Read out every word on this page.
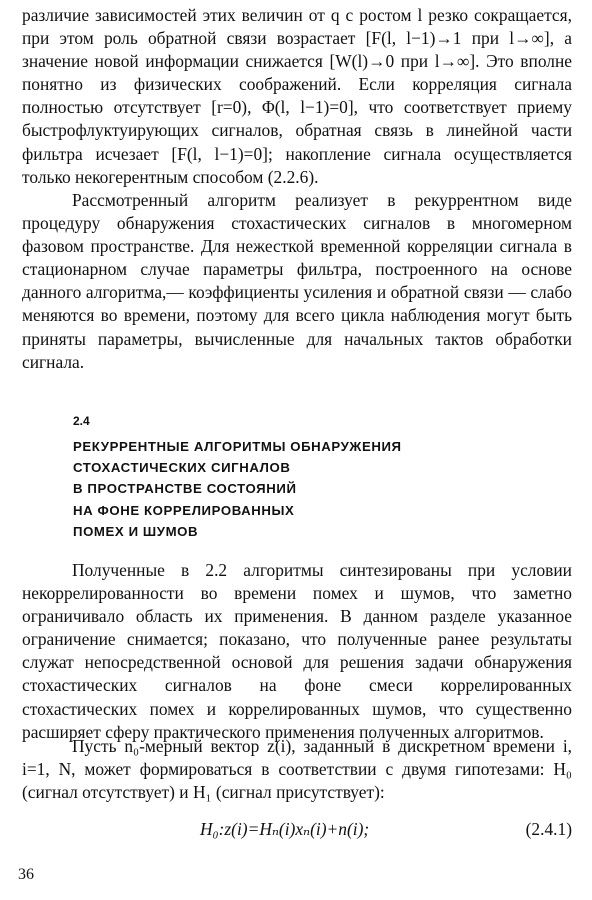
различие зависимостей этих величин от q с ростом l резко сокращается, при этом роль обратной связи возрастает [F(l, l−1)→1 при l→∞], а значение новой информации снижается [W(l)→0 при l→∞]. Это вполне понятно из физических соображений. Если корреляция сигнала полностью отсутствует [r=0), Φ(l, l−1)=0], что соответствует приему быстрофлуктуирующих сигналов, обратная связь в линейной части фильтра исчезает [F(l, l−1)=0]; накопление сигнала осуществляется только некогерентным способом (2.2.6).

Рассмотренный алгоритм реализует в рекуррентном виде процедуру обнаружения стохастических сигналов в многомерном фазовом пространстве. Для нежесткой временной корреляции сигнала в стационарном случае параметры фильтра, построенного на основе данного алгоритма,— коэффициенты усиления и обратной связи — слабо меняются во времени, поэтому для всего цикла наблюдения могут быть приняты параметры, вычисленные для начальных тактов обработки сигнала.

2.4

РЕКУРРЕНТНЫЕ АЛГОРИТМЫ ОБНАРУЖЕНИЯ
СТОХАСТИЧЕСКИХ СИГНАЛОВ
В ПРОСТРАНСТВЕ СОСТОЯНИЙ
НА ФОНЕ КОРРЕЛИРОВАННЫХ
ПОМЕХ И ШУМОВ

Полученные в 2.2 алгоритмы синтезированы при условии некоррелированности во времени помех и шумов, что заметно ограничивало область их применения. В данном разделе указанное ограничение снимается; показано, что полученные ранее результаты служат непосредственной основой для решения задачи обнаружения стохастических сигналов на фоне смеси коррелированных стохастических помех и коррелированных шумов, что существенно расширяет сферу практического применения полученных алгоритмов.

Пусть n₀-мерный вектор z(i), заданный в дискретном времени i, i=1, N, может формироваться в соответствии с двумя гипотезами: H₀ (сигнал отсутствует) и H₁ (сигнал присутствует):

H₀:z(i)=Hₙ(i)xₙ(i)+n(i);	(2.4.1)

36
